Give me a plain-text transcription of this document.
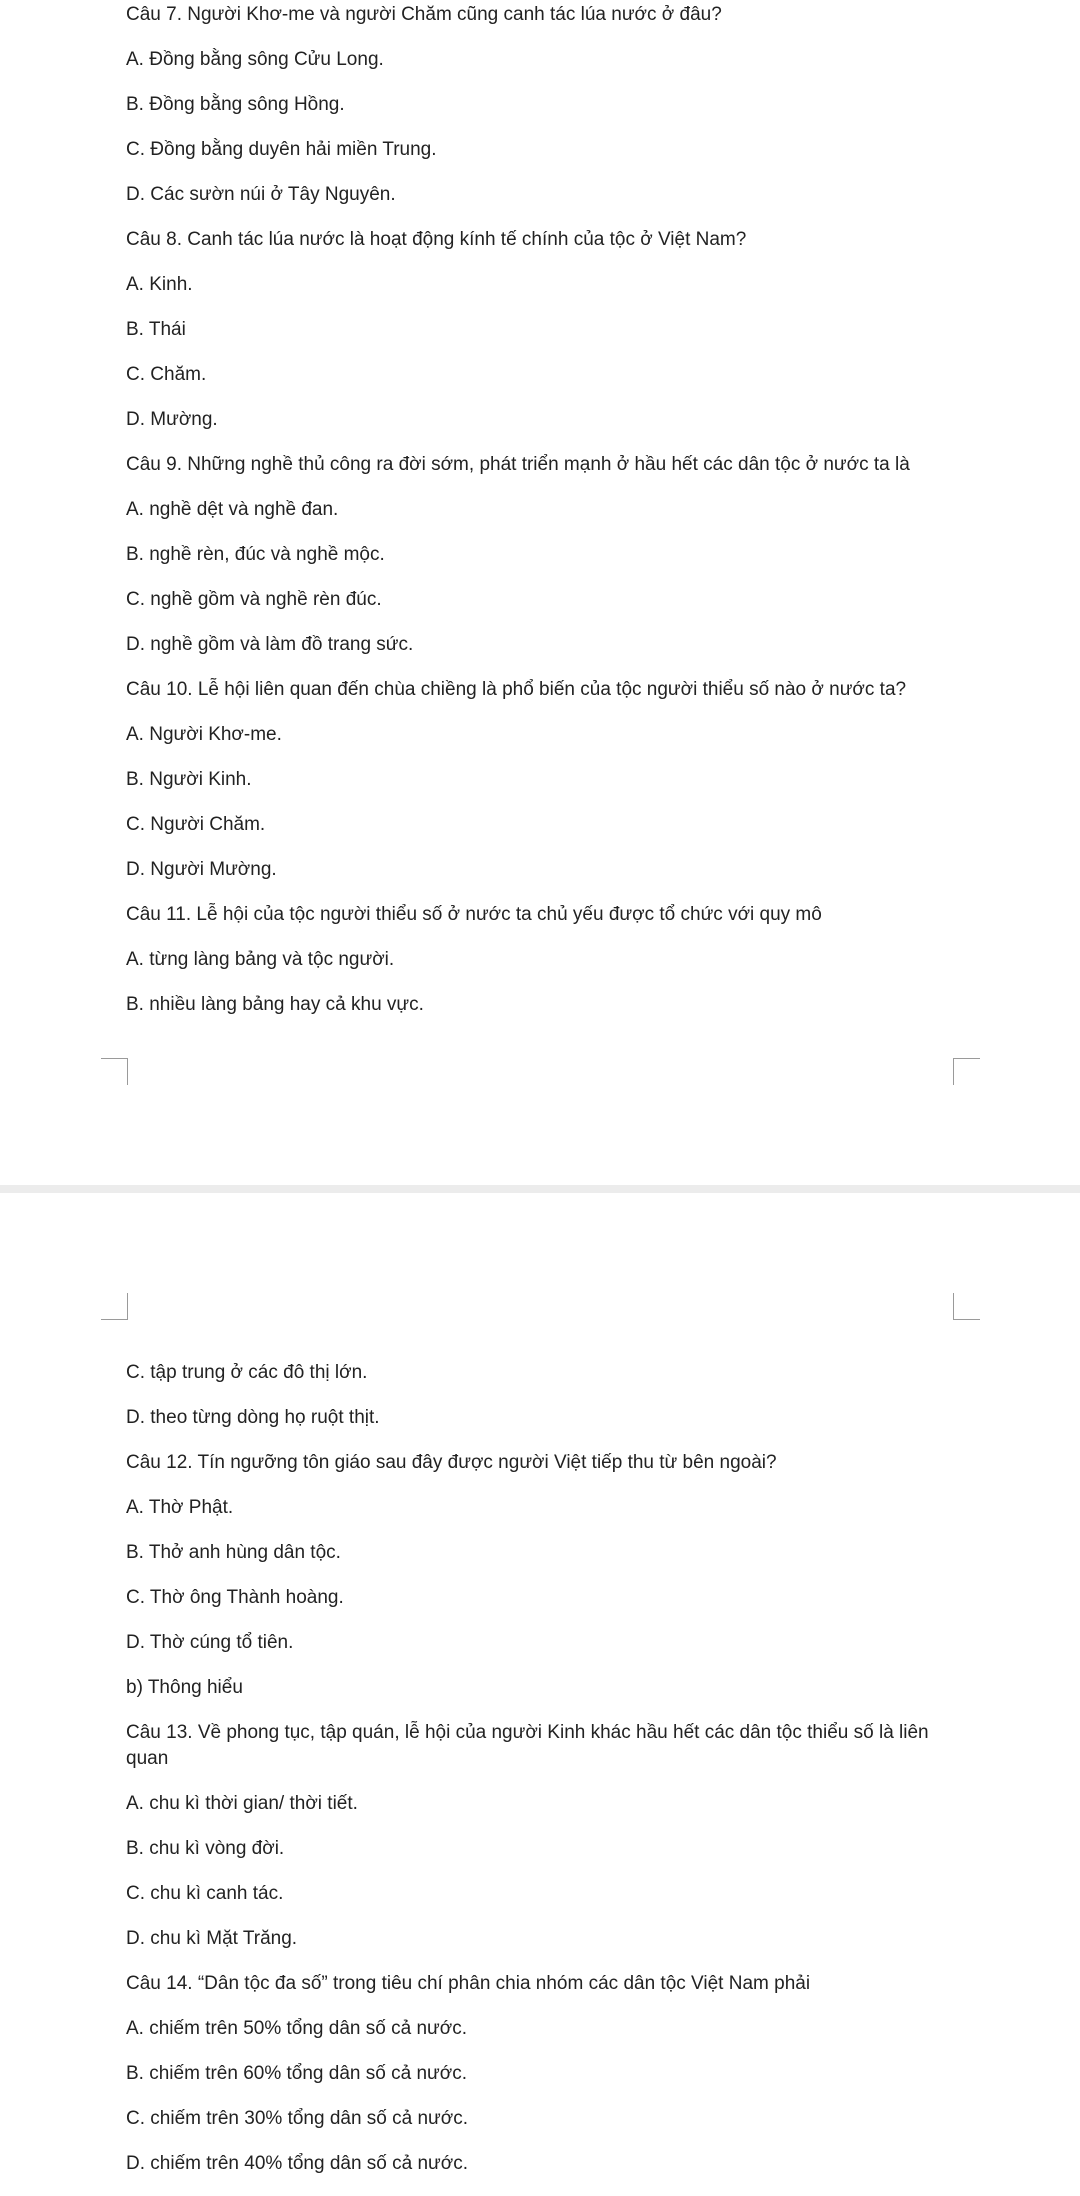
Câu 7. Người Khơ-me và người Chăm cũng canh tác lúa nước ở đâu?

A. Đồng bằng sông Cửu Long.

B. Đồng bằng sông Hồng.

C. Đồng bằng duyên hải miền Trung.

D. Các sườn núi ở Tây Nguyên.

Câu 8. Canh tác lúa nước là hoạt động kính tế chính của tộc ở Việt Nam?

A. Kinh.

B. Thái

C. Chăm.

D. Mường.

Câu 9. Những nghề thủ công ra đời sớm, phát triển mạnh ở hầu hết các dân tộc ở nước ta là

A. nghề dệt và nghề đan.

B. nghề rèn, đúc và nghề mộc.

C. nghề gồm và nghề rèn đúc.

D. nghề gồm và làm đồ trang sức.

Câu 10. Lễ hội liên quan đến chùa chiềng là phổ biến của tộc người thiểu số nào ở nước ta?

A. Người Khơ-me.

B. Người Kinh.

C. Người Chăm.

D. Người Mường.

Câu 11. Lễ hội của tộc người thiểu số ở nước ta chủ yếu được tổ chức với quy mô

A. từng làng bảng và tộc người.

B. nhiều làng bảng hay cả khu vực.

C. tập trung ở các đô thị lớn.

D. theo từng dòng họ ruột thịt.

Câu 12. Tín ngưỡng tôn giáo sau đây được người Việt tiếp thu từ bên ngoài?

A. Thờ Phật.

B. Thở anh hùng dân tộc.

C. Thờ ông Thành hoàng.

D. Thờ cúng tổ tiên.

b) Thông hiểu

Câu 13. Về phong tục, tập quán, lễ hội của người Kinh khác hầu hết các dân tộc thiểu số là liên quan

A. chu kì thời gian/ thời tiết.

B. chu kì vòng đời.

C. chu kì canh tác.

D. chu kì Mặt Trăng.

Câu 14. “Dân tộc đa số” trong tiêu chí phân chia nhóm các dân tộc Việt Nam phải

A. chiếm trên 50% tổng dân số cả nước.

B. chiếm trên 60% tổng dân số cả nước.

C. chiếm trên 30% tổng dân số cả nước.

D. chiếm trên 40% tổng dân số cả nước.
